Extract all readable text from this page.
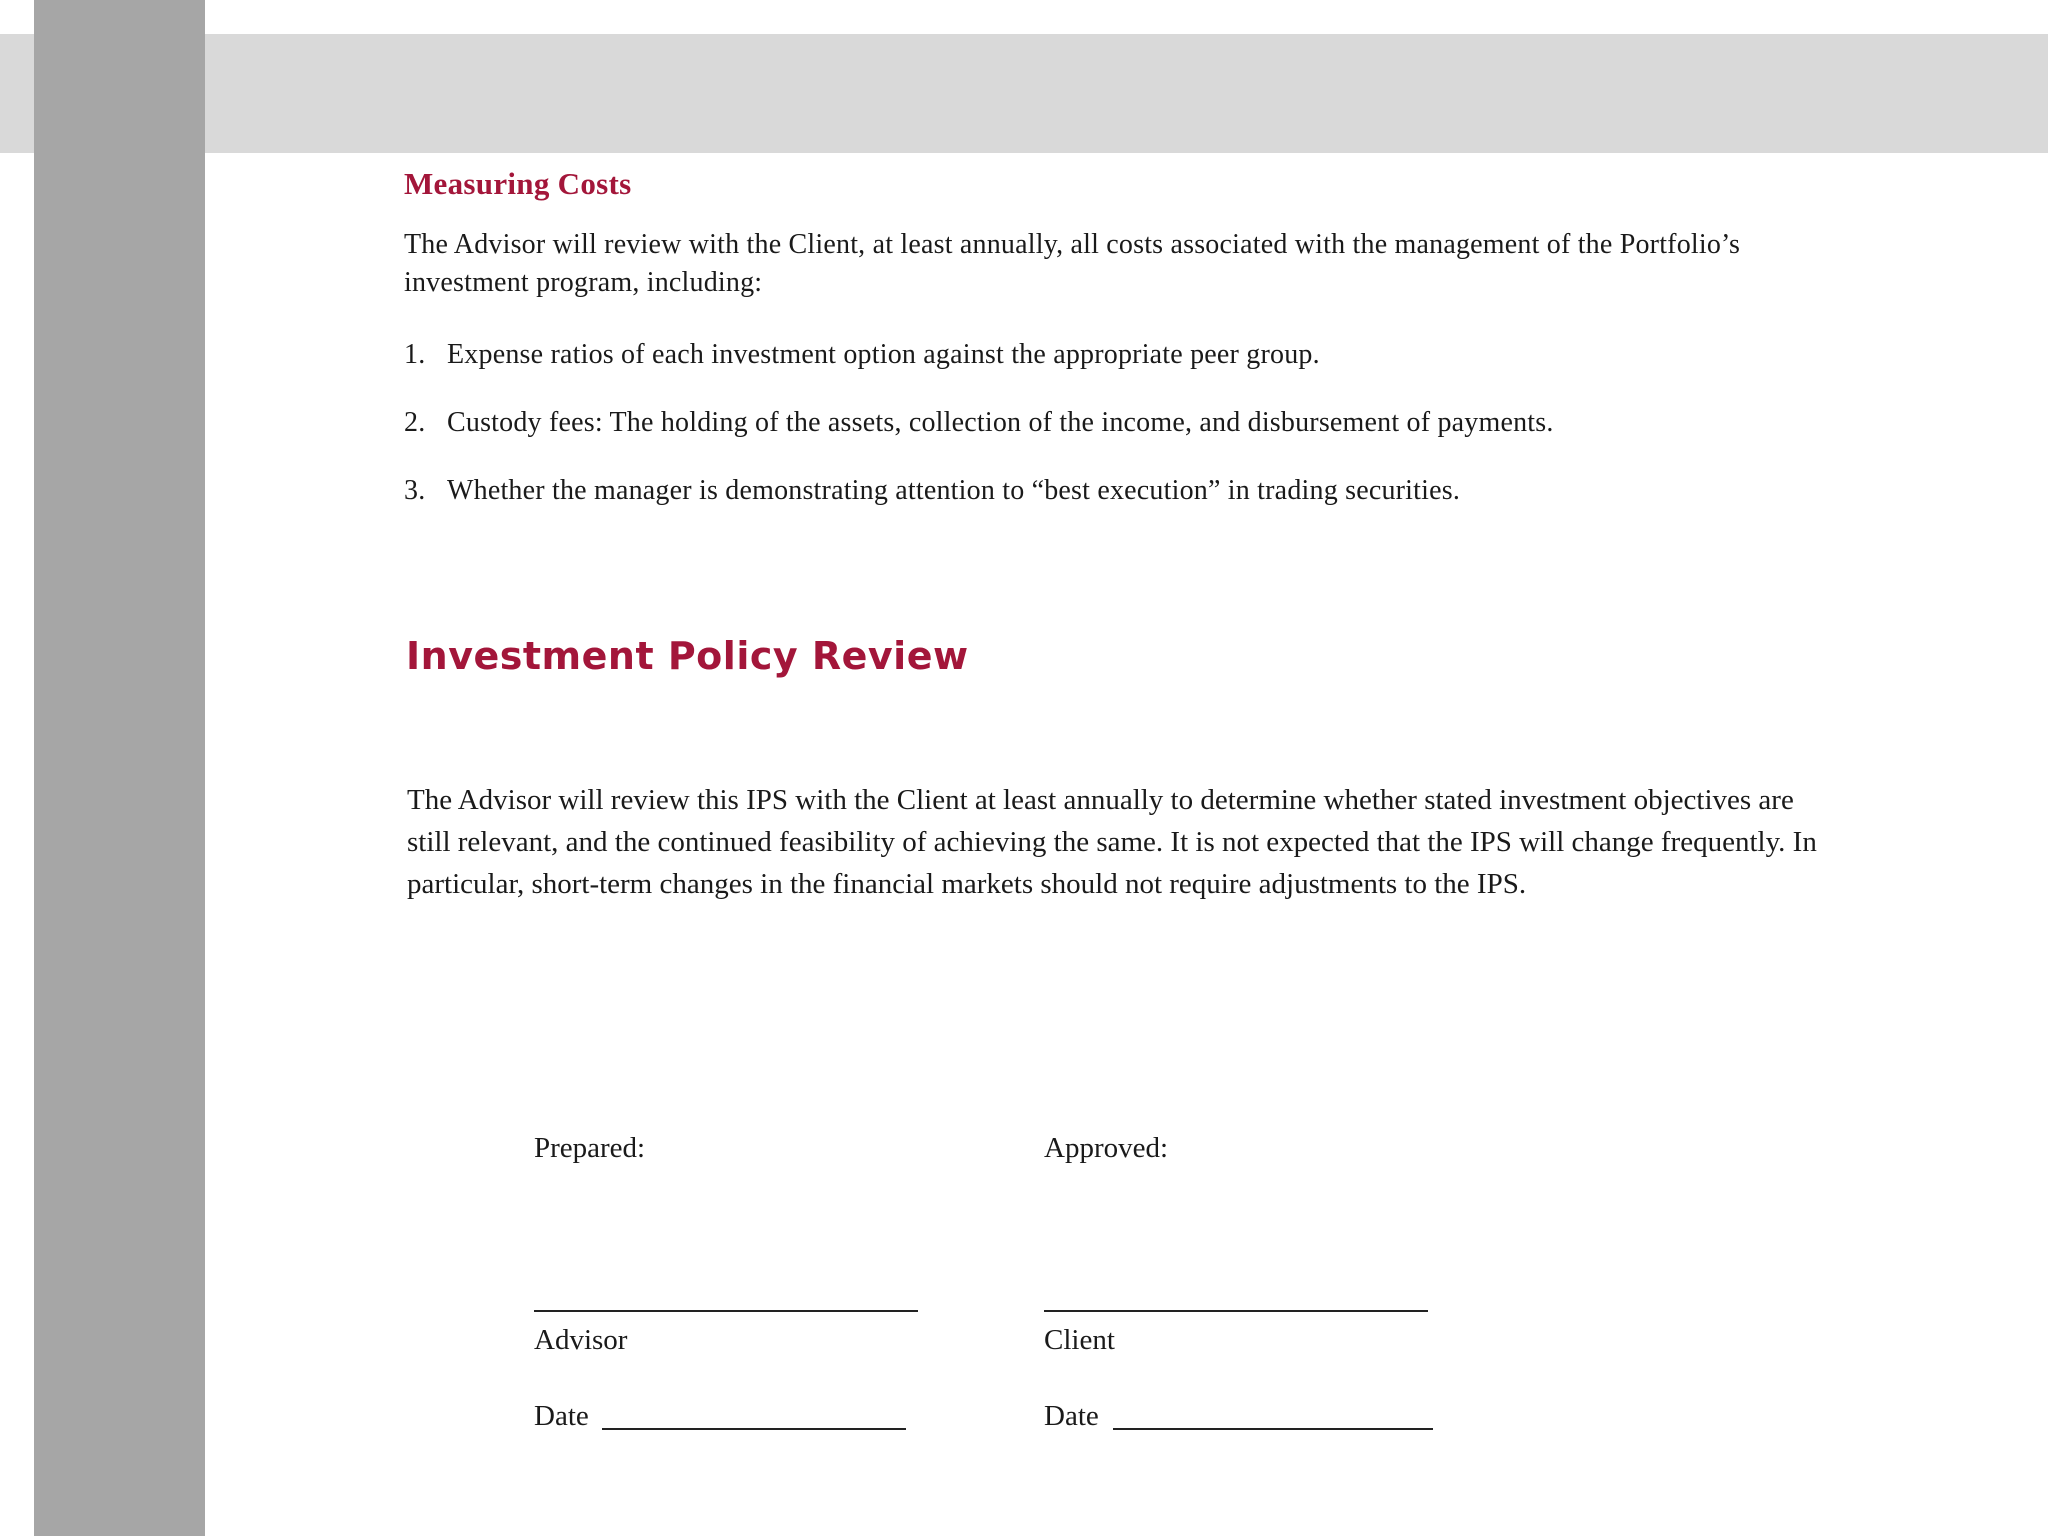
Measuring Costs

The Advisor will review with the Client, at least annually, all costs associated with the management of the Portfolio’s investment program, including:

1. Expense ratios of each investment option against the appropriate peer group.
2. Custody fees: The holding of the assets, collection of the income, and disbursement of payments.
3. Whether the manager is demonstrating attention to “best execution” in trading securities.
Investment Policy Review

The Advisor will review this IPS with the Client at least annually to determine whether stated investment objectives are still relevant, and the continued feasibility of achieving the same. It is not expected that the IPS will change frequently. In particular, short-term changes in the financial markets should not require adjustments to the IPS.

Prepared:
Advisor
Date
Approved:
Client
Date
